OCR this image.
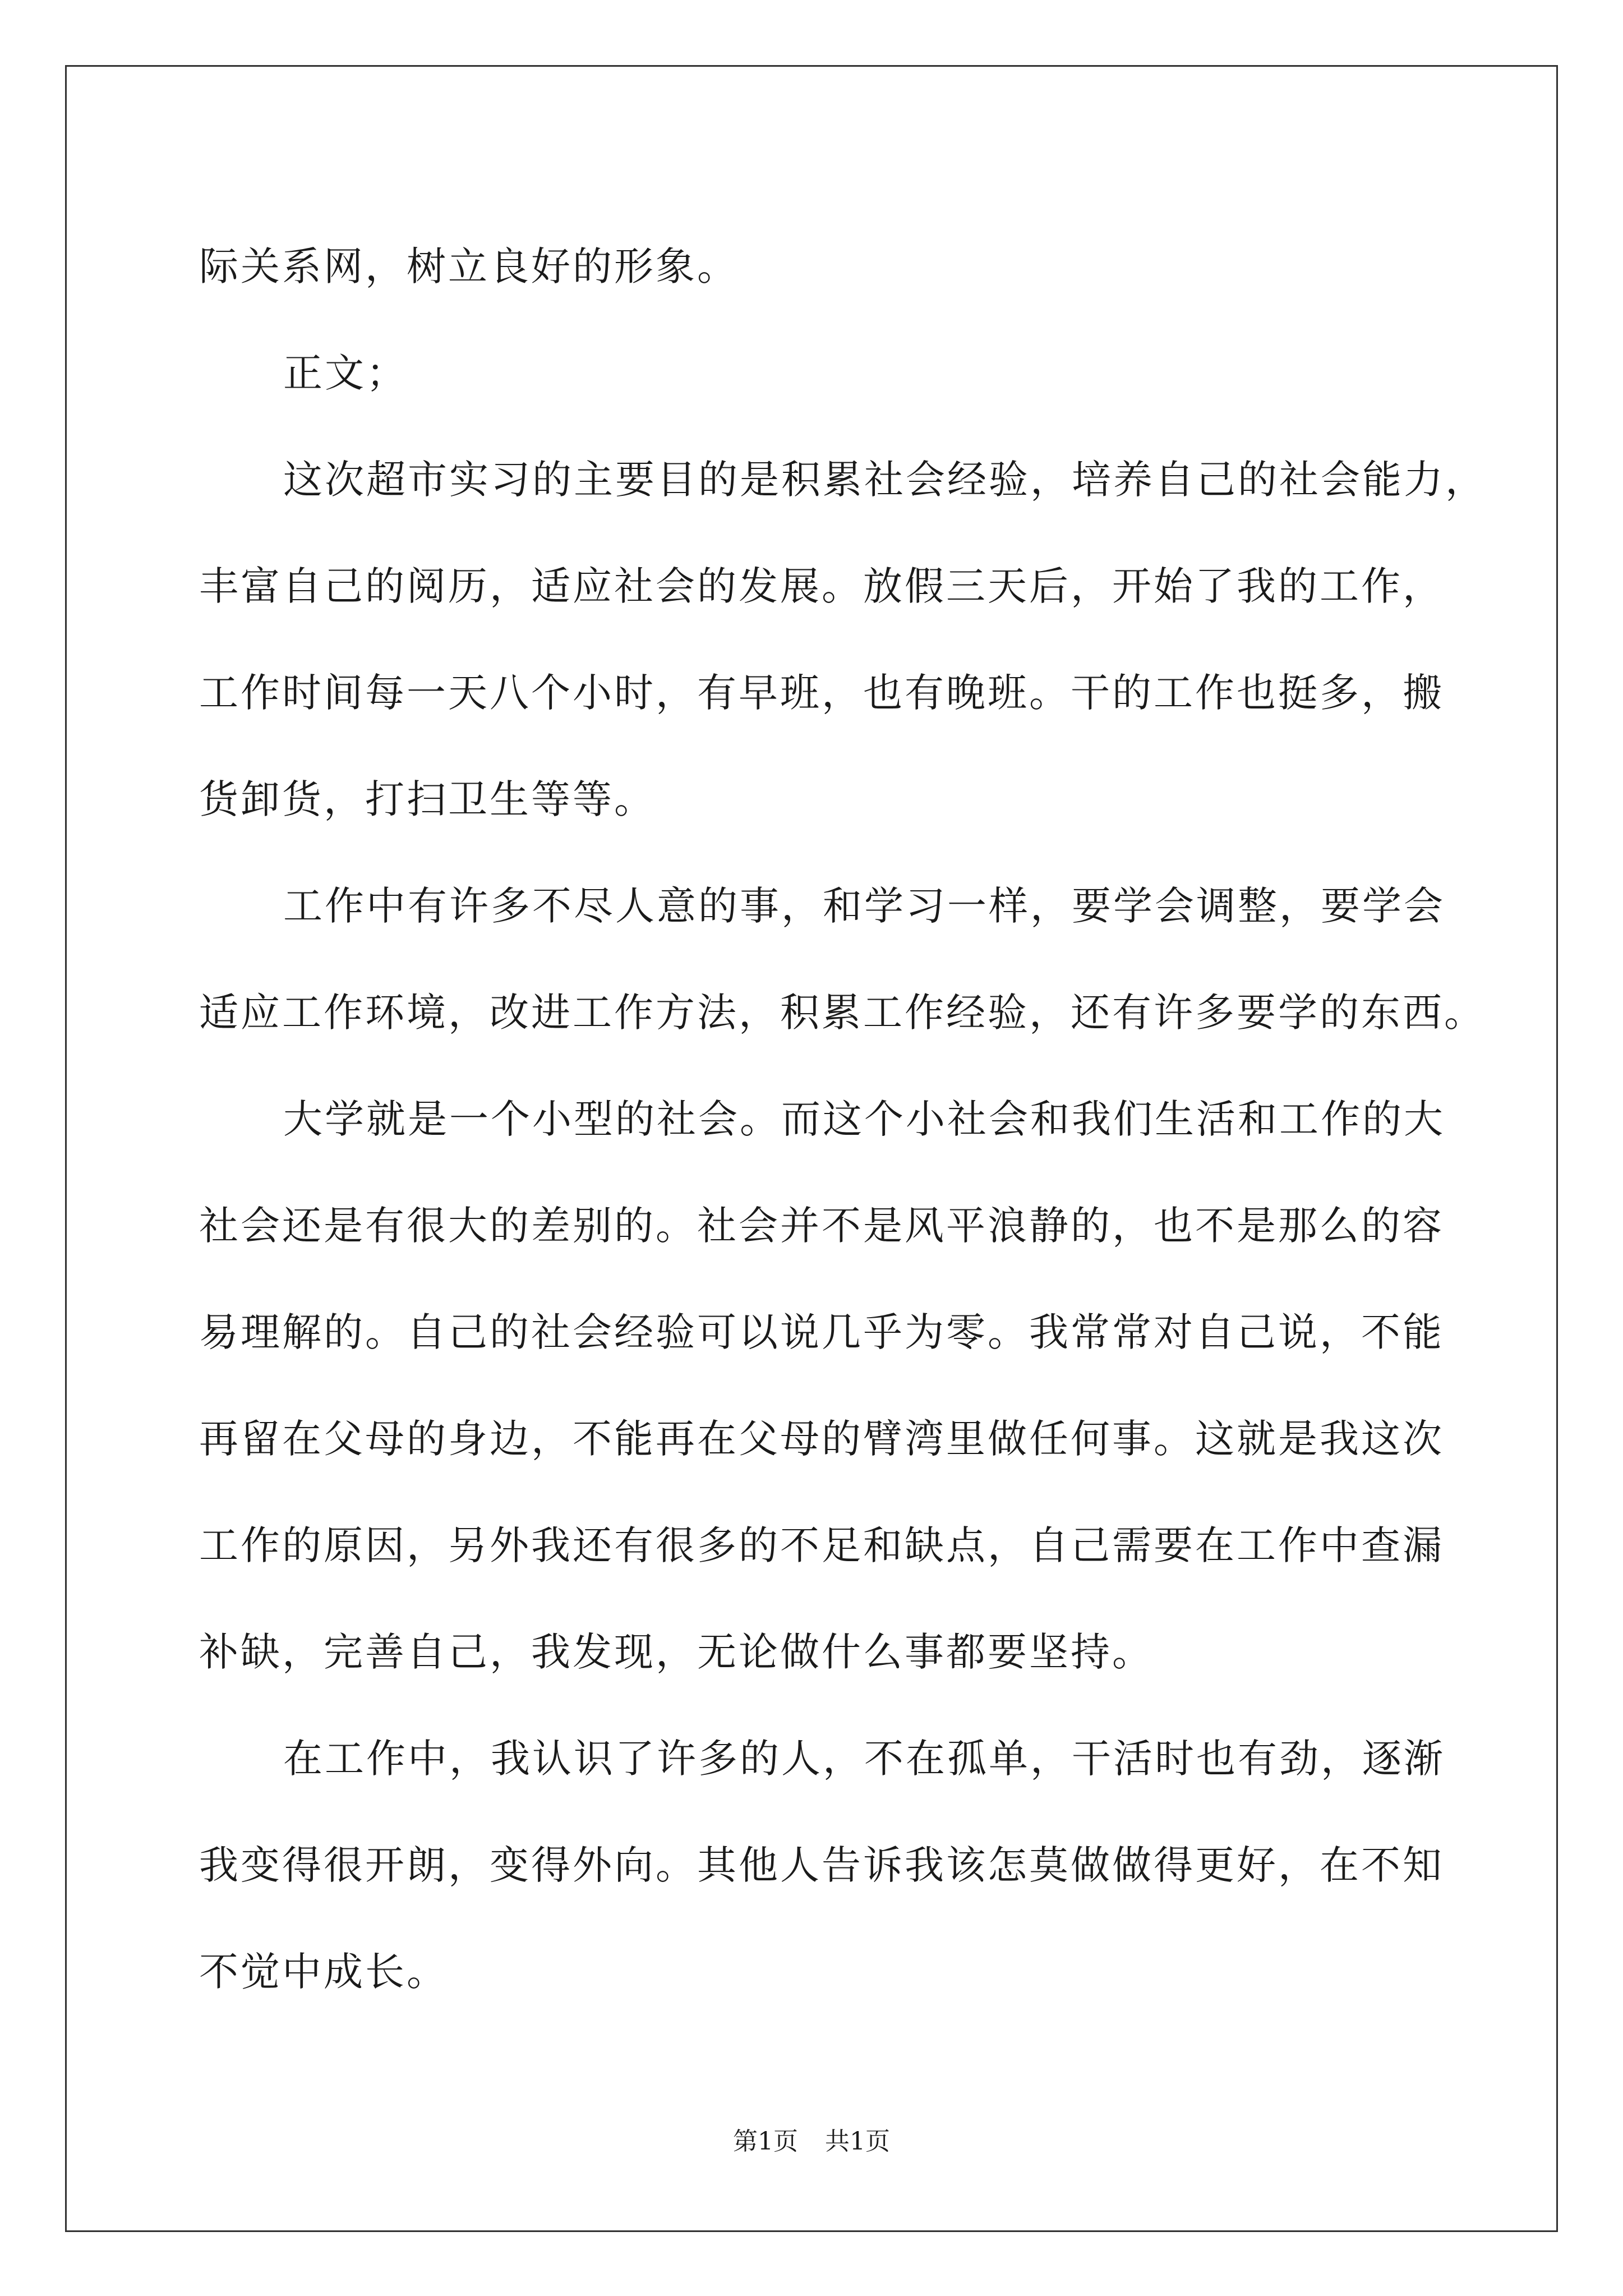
际关系网，树立良好的形象。

正文；

这次超市实习的主要目的是积累社会经验，培养自己的社会能力，

丰富自己的阅历，适应社会的发展。放假三天后，开始了我的工作，

工作时间每一天八个小时，有早班，也有晚班。干的工作也挺多，搬

货卸货，打扫卫生等等。

工作中有许多不尽人意的事，和学习一样，要学会调整，要学会

适应工作环境，改进工作方法，积累工作经验，还有许多要学的东西。

大学就是一个小型的社会。而这个小社会和我们生活和工作的大

社会还是有很大的差别的。社会并不是风平浪静的，也不是那么的容

易理解的。自己的社会经验可以说几乎为零。我常常对自己说，不能

再留在父母的身边，不能再在父母的臂湾里做任何事。这就是我这次

工作的原因，另外我还有很多的不足和缺点，自己需要在工作中查漏

补缺，完善自己，我发现，无论做什么事都要坚持。

在工作中，我认识了许多的人，不在孤单，干活时也有劲，逐渐

我变得很开朗，变得外向。其他人告诉我该怎莫做做得更好，在不知

不觉中成长。

第1页 共1页
